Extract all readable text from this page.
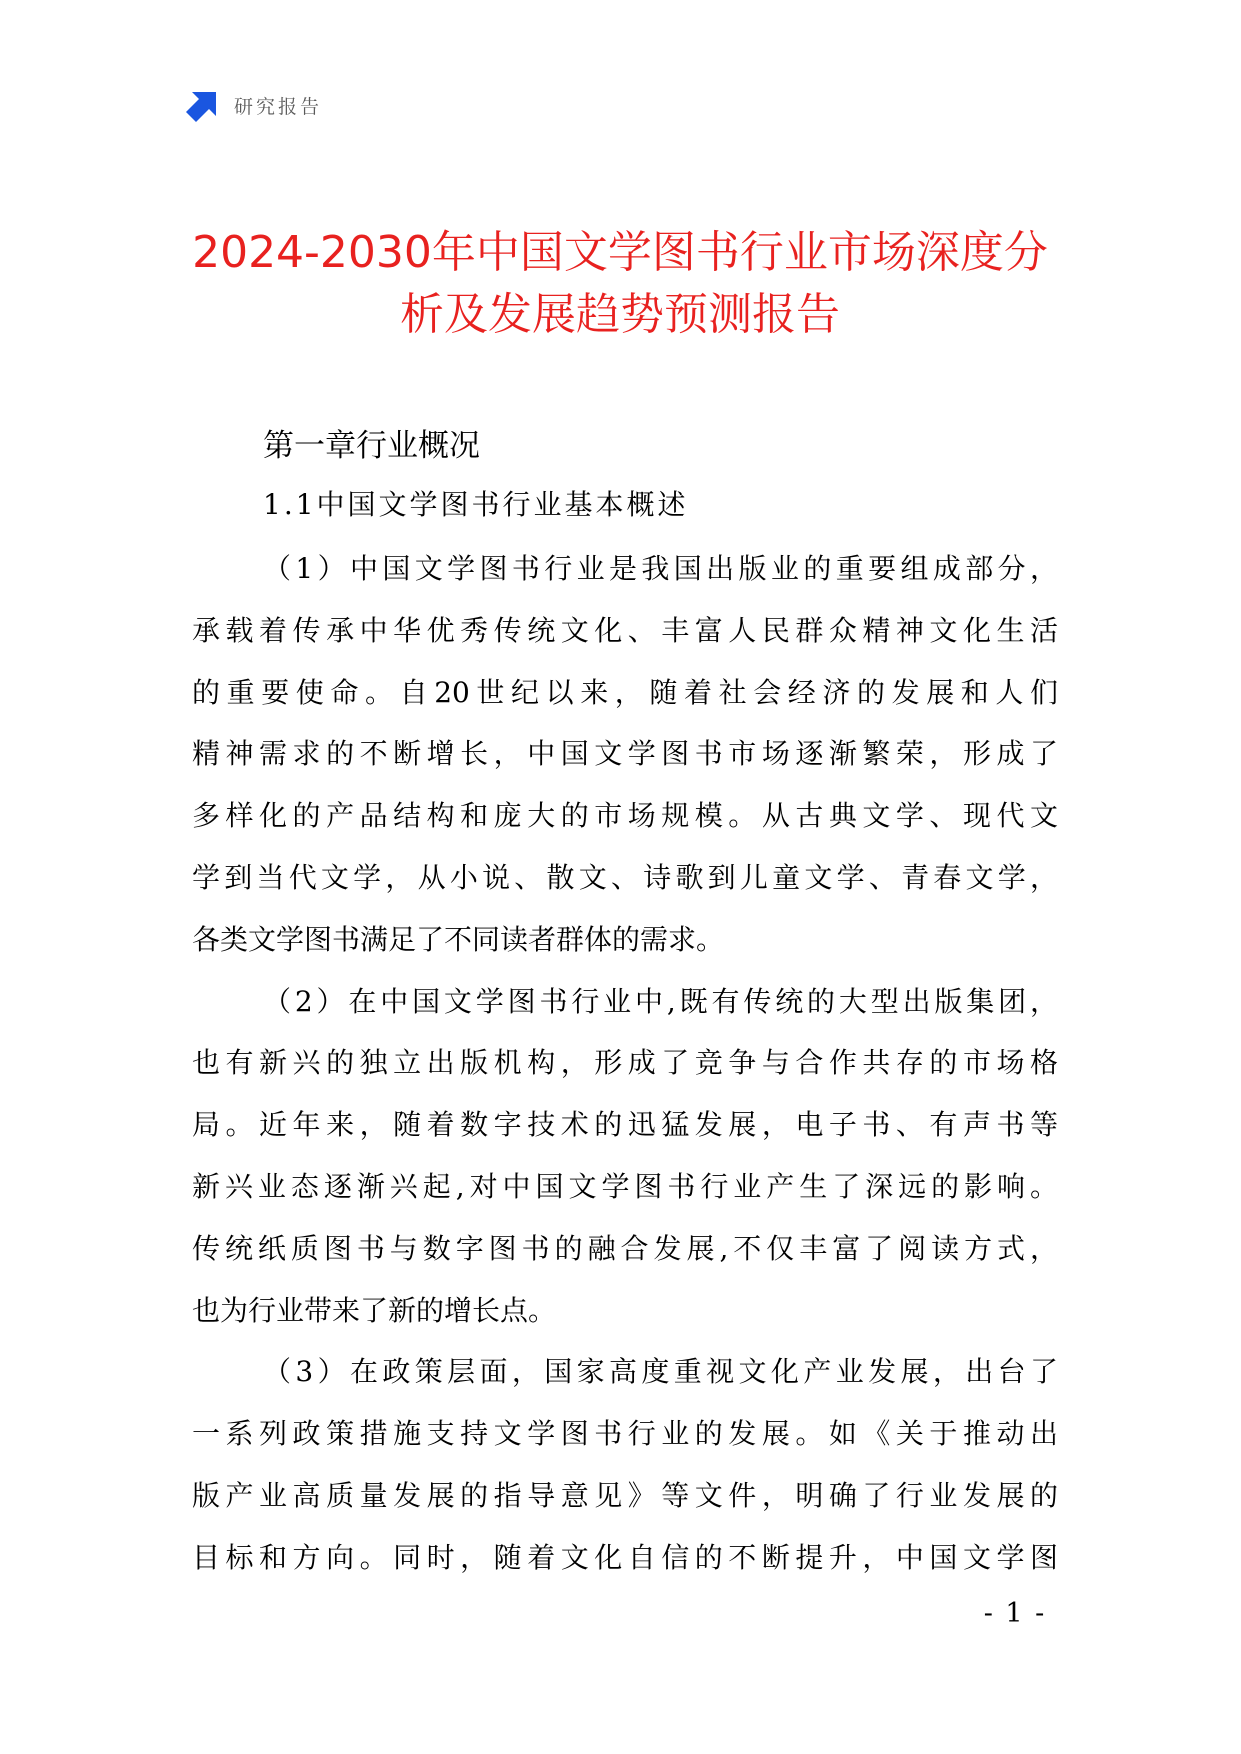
研究报告
2024-2030年中国文学图书行业市场深度分
析及发展趋势预测报告
第一章行业概况
1.1中国文学图书行业基本概述
（1）中国文学图书行业是我国出版业的重要组成部分，
承载着传承中华优秀传统文化、丰富人民群众精神文化生活
的重要使命。自20世纪以来，随着社会经济的发展和人们
精神需求的不断增长，中国文学图书市场逐渐繁荣，形成了
多样化的产品结构和庞大的市场规模。从古典文学、现代文
学到当代文学，从小说、散文、诗歌到儿童文学、青春文学，
各类文学图书满足了不同读者群体的需求。
（2）在中国文学图书行业中,既有传统的大型出版集团，
也有新兴的独立出版机构，形成了竞争与合作共存的市场格
局。近年来，随着数字技术的迅猛发展，电子书、有声书等
新兴业态逐渐兴起,对中国文学图书行业产生了深远的影响。
传统纸质图书与数字图书的融合发展,不仅丰富了阅读方式，
也为行业带来了新的增长点。
（3）在政策层面，国家高度重视文化产业发展，出台了
一系列政策措施支持文学图书行业的发展。如《关于推动出
版产业高质量发展的指导意见》等文件，明确了行业发展的
目标和方向。同时，随着文化自信的不断提升，中国文学图
- 1 -
